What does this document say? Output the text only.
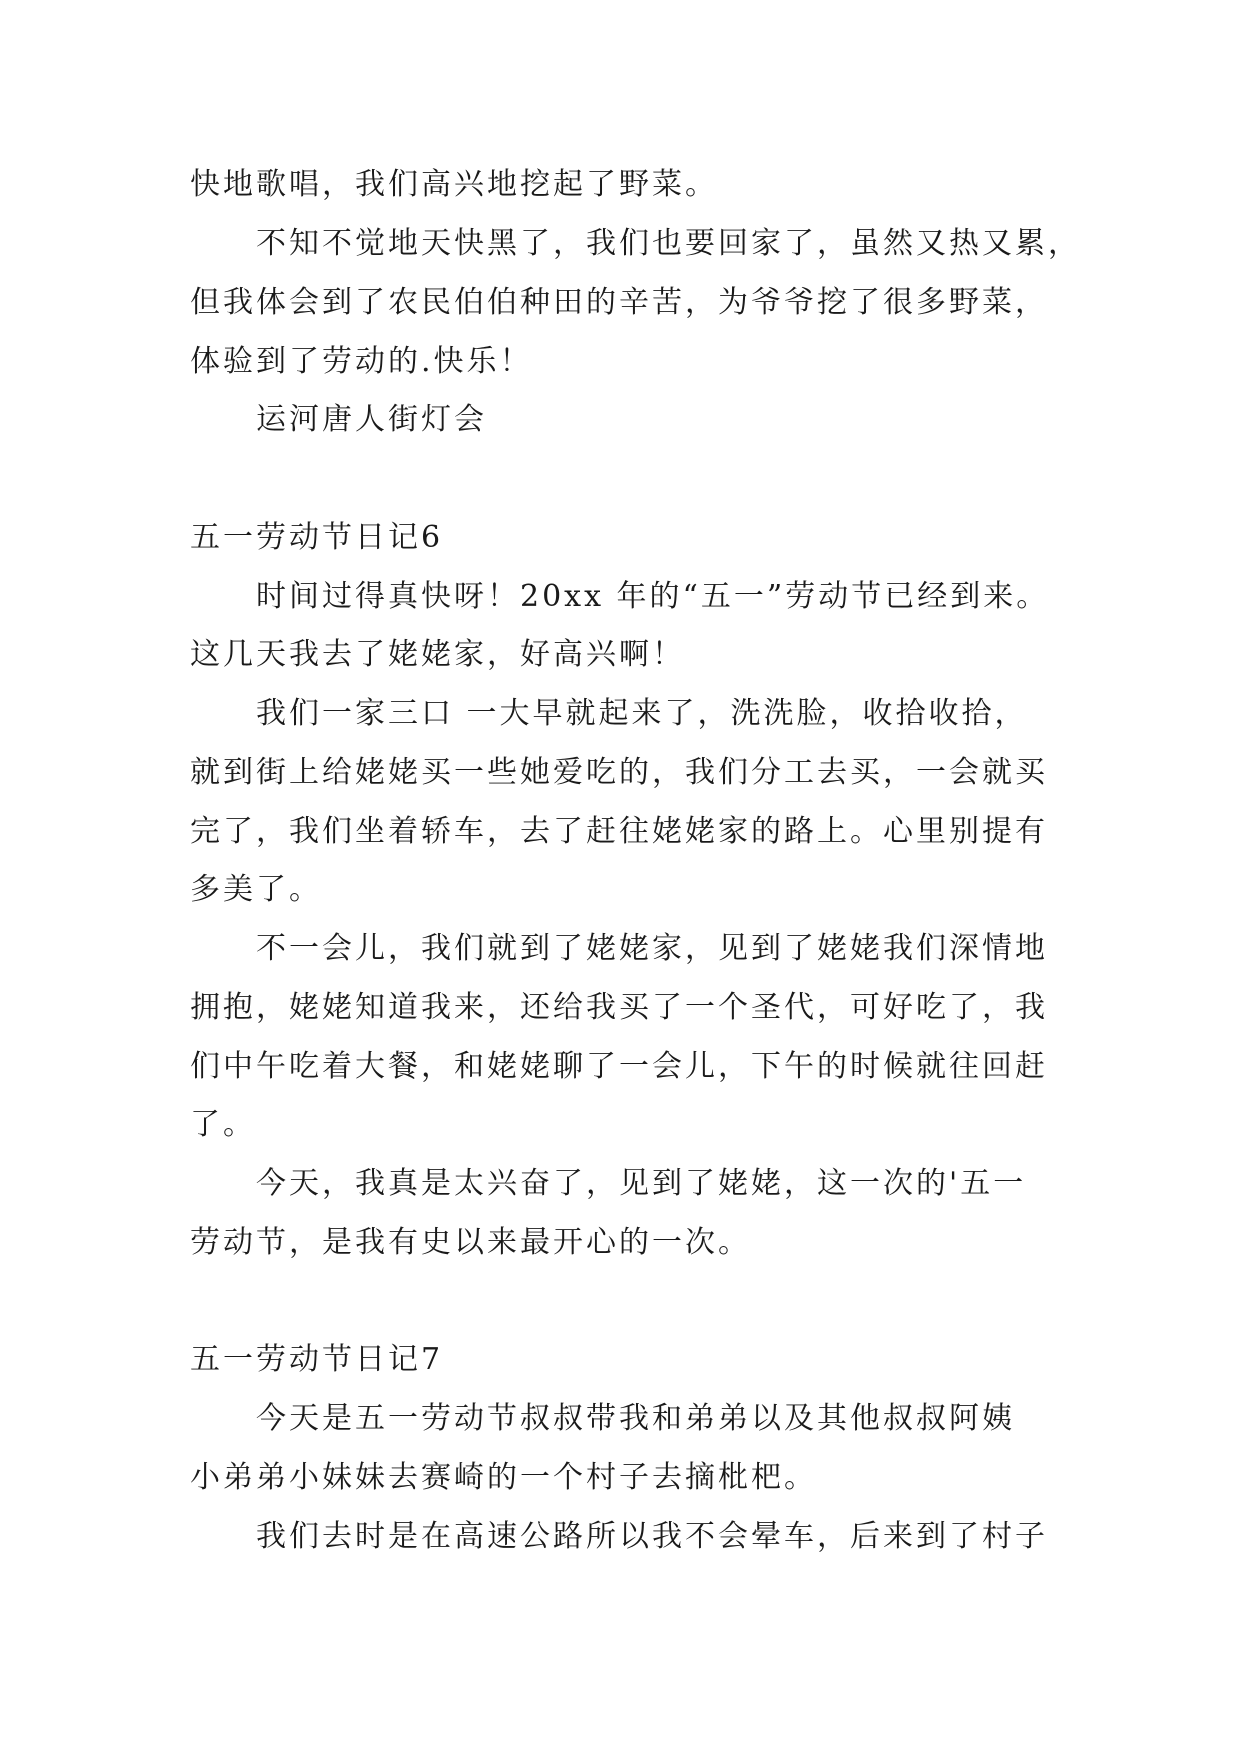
快地歌唱，我们高兴地挖起了野菜。
不知不觉地天快黑了，我们也要回家了，虽然又热又累，
但我体会到了农民伯伯种田的辛苦，为爷爷挖了很多野菜，
体验到了劳动的.快乐！
运河唐人街灯会
五一劳动节日记6
时间过得真快呀！20xx 年的“五一”劳动节已经到来。
这几天我去了姥姥家，好高兴啊！
我们一家三口 一大早就起来了，洗洗脸，收拾收拾，
就到街上给姥姥买一些她爱吃的，我们分工去买，一会就买
完了，我们坐着轿车，去了赶往姥姥家的路上。心里别提有
多美了。
不一会儿，我们就到了姥姥家，见到了姥姥我们深情地
拥抱，姥姥知道我来，还给我买了一个圣代，可好吃了，我
们中午吃着大餐，和姥姥聊了一会儿，下午的时候就往回赶
了。
今天，我真是太兴奋了，见到了姥姥，这一次的'五一
劳动节，是我有史以来最开心的一次。
五一劳动节日记7
今天是五一劳动节叔叔带我和弟弟以及其他叔叔阿姨
小弟弟小妹妹去赛崎的一个村子去摘枇杷。
我们去时是在高速公路所以我不会晕车，后来到了村子
